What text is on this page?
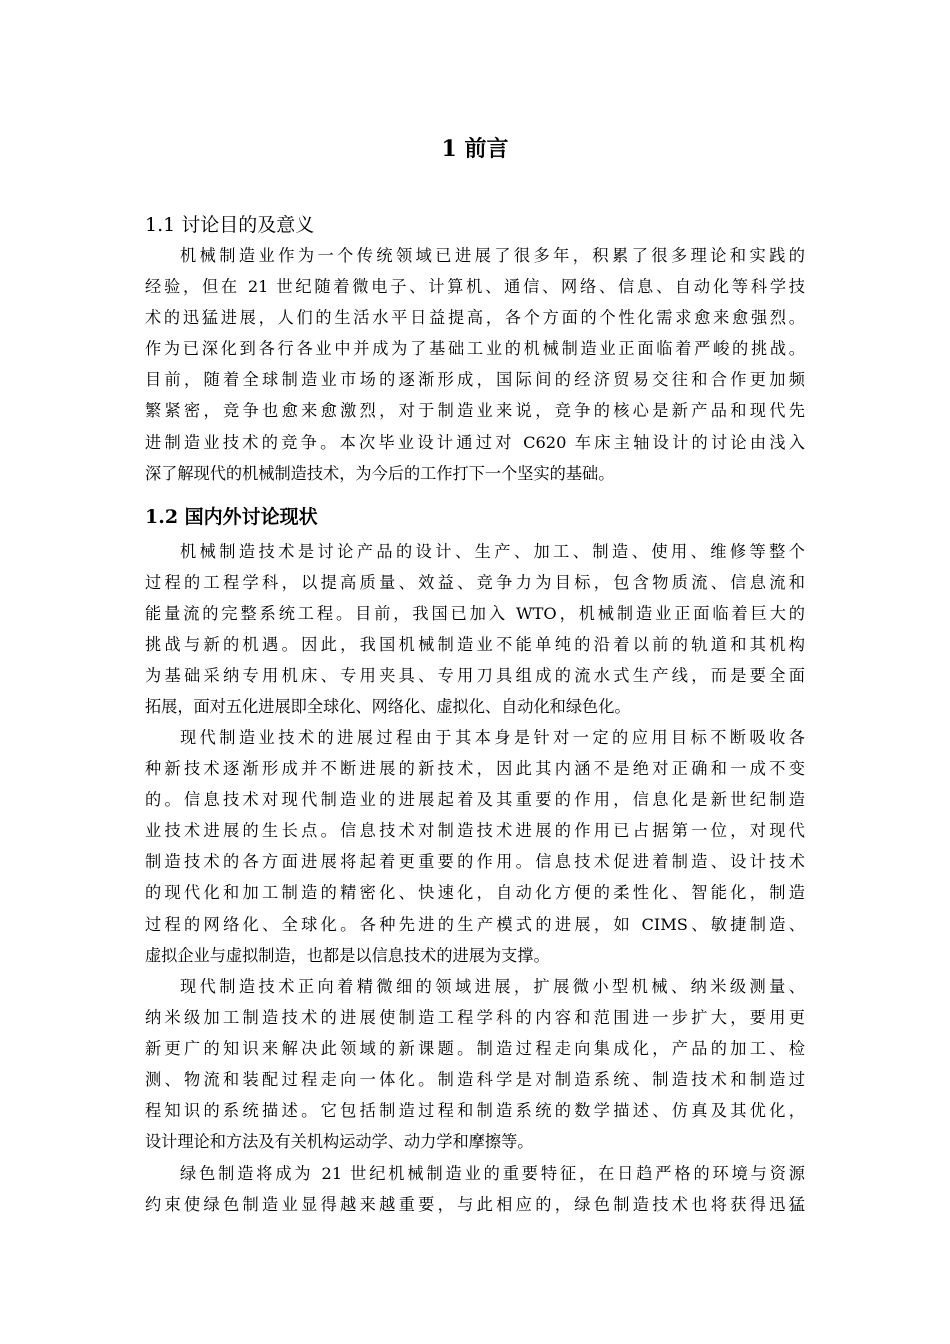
1 前言
1.1 讨论目的及意义
机械制造业作为一个传统领域已进展了很多年，积累了很多理论和实践的
经验，但在 21 世纪随着微电子、计算机、通信、网络、信息、自动化等科学技
术的迅猛进展，人们的生活水平日益提高，各个方面的个性化需求愈来愈强烈。
作为已深化到各行各业中并成为了基础工业的机械制造业正面临着严峻的挑战。
目前，随着全球制造业市场的逐渐形成，国际间的经济贸易交往和合作更加频
繁紧密，竞争也愈来愈激烈，对于制造业来说，竞争的核心是新产品和现代先
进制造业技术的竞争。本次毕业设计通过对 C620 车床主轴设计的讨论由浅入
深了解现代的机械制造技术，为今后的工作打下一个坚实的基础。
1.2 国内外讨论现状
机械制造技术是讨论产品的设计、生产、加工、制造、使用、维修等整个
过程的工程学科，以提高质量、效益、竞争力为目标，包含物质流、信息流和
能量流的完整系统工程。目前，我国已加入 WTO，机械制造业正面临着巨大的
挑战与新的机遇。因此，我国机械制造业不能单纯的沿着以前的轨道和其机构
为基础采纳专用机床、专用夹具、专用刀具组成的流水式生产线，而是要全面
拓展，面对五化进展即全球化、网络化、虚拟化、自动化和绿色化。
现代制造业技术的进展过程由于其本身是针对一定的应用目标不断吸收各
种新技术逐渐形成并不断进展的新技术，因此其内涵不是绝对正确和一成不变
的。信息技术对现代制造业的进展起着及其重要的作用，信息化是新世纪制造
业技术进展的生长点。信息技术对制造技术进展的作用已占据第一位，对现代
制造技术的各方面进展将起着更重要的作用。信息技术促进着制造、设计技术
的现代化和加工制造的精密化、快速化，自动化方便的柔性化、智能化，制造
过程的网络化、全球化。各种先进的生产模式的进展，如 CIMS、敏捷制造、
虚拟企业与虚拟制造，也都是以信息技术的进展为支撑。
现代制造技术正向着精微细的领域进展，扩展微小型机械、纳米级测量、
纳米级加工制造技术的进展使制造工程学科的内容和范围进一步扩大，要用更
新更广的知识来解决此领域的新课题。制造过程走向集成化，产品的加工、检
测、物流和装配过程走向一体化。制造科学是对制造系统、制造技术和制造过
程知识的系统描述。它包括制造过程和制造系统的数学描述、仿真及其优化，
设计理论和方法及有关机构运动学、动力学和摩擦等。
绿色制造将成为 21 世纪机械制造业的重要特征，在日趋严格的环境与资源
约束使绿色制造业显得越来越重要，与此相应的，绿色制造技术也将获得迅猛
